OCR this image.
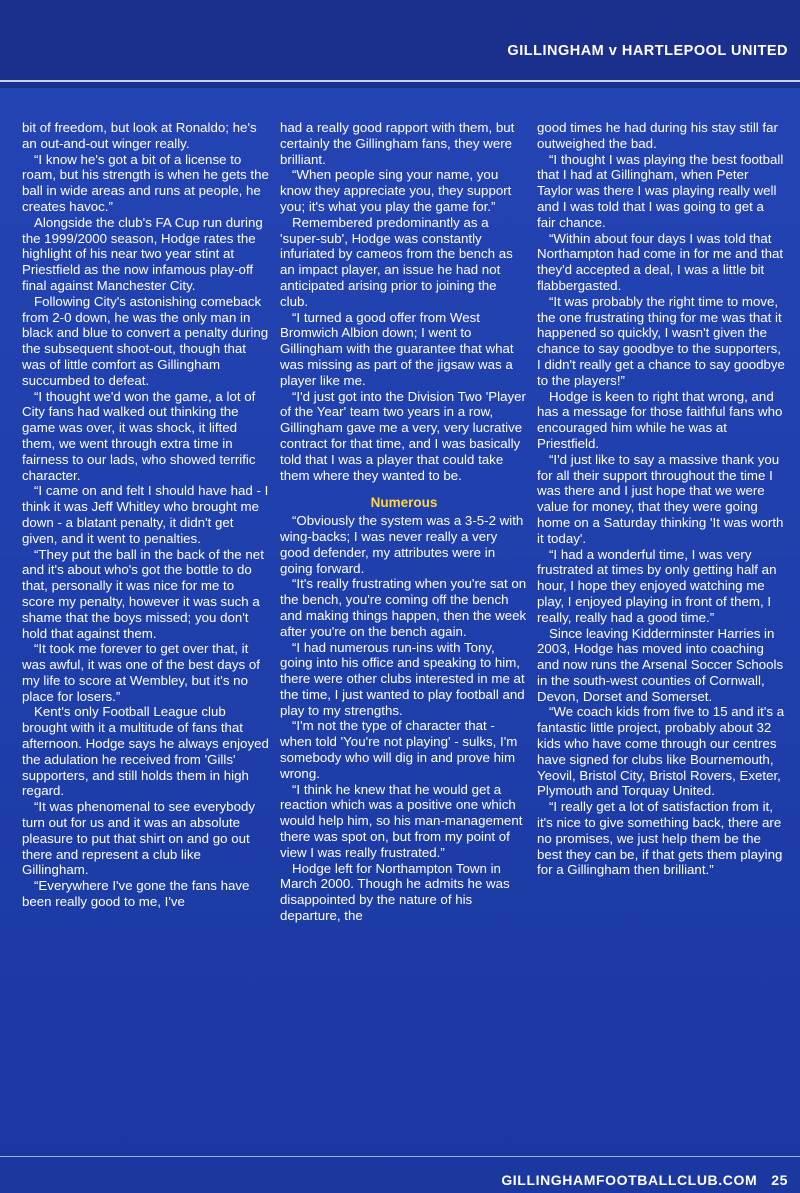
GILLINGHAM v HARTLEPOOL UNITED

bit of freedom, but look at Ronaldo; he's an out-and-out winger really.

“I know he's got a bit of a license to roam, but his strength is when he gets the ball in wide areas and runs at people, he creates havoc.”

Alongside the club's FA Cup run during the 1999/2000 season, Hodge rates the highlight of his near two year stint at Priestfield as the now infamous play-off final against Manchester City.

Following City's astonishing comeback from 2-0 down, he was the only man in black and blue to convert a penalty during the subsequent shoot-out, though that was of little comfort as Gillingham succumbed to defeat.

“I thought we'd won the game, a lot of City fans had walked out thinking the game was over, it was shock, it lifted them, we went through extra time in fairness to our lads, who showed terrific character.

“I came on and felt I should have had - I think it was Jeff Whitley who brought me down - a blatant penalty, it didn't get given, and it went to penalties.

“They put the ball in the back of the net and it's about who's got the bottle to do that, personally it was nice for me to score my penalty, however it was such a shame that the boys missed; you don't hold that against them.

“It took me forever to get over that, it was awful, it was one of the best days of my life to score at Wembley, but it's no place for losers.”

Kent's only Football League club brought with it a multitude of fans that afternoon. Hodge says he always enjoyed the adulation he received from 'Gills' supporters, and still holds them in high regard.

“It was phenomenal to see everybody turn out for us and it was an absolute pleasure to put that shirt on and go out there and represent a club like Gillingham.

“Everywhere I've gone the fans have been really good to me, I've

had a really good rapport with them, but certainly the Gillingham fans, they were brilliant.

“When people sing your name, you know they appreciate you, they support you; it's what you play the game for.”

Remembered predominantly as a 'super-sub', Hodge was constantly infuriated by cameos from the bench as an impact player, an issue he had not anticipated arising prior to joining the club.

“I turned a good offer from West Bromwich Albion down; I went to Gillingham with the guarantee that what was missing as part of the jigsaw was a player like me.

“I'd just got into the Division Two 'Player of the Year' team two years in a row, Gillingham gave me a very, very lucrative contract for that time, and I was basically told that I was a player that could take them where they wanted to be.

Numerous

“Obviously the system was a 3-5-2 with wing-backs; I was never really a very good defender, my attributes were in going forward.

“It's really frustrating when you're sat on the bench, you're coming off the bench and making things happen, then the week after you're on the bench again.

“I had numerous run-ins with Tony, going into his office and speaking to him, there were other clubs interested in me at the time, I just wanted to play football and play to my strengths.

“I'm not the type of character that - when told 'You're not playing' - sulks, I'm somebody who will dig in and prove him wrong.

“I think he knew that he would get a reaction which was a positive one which would help him, so his man-management there was spot on, but from my point of view I was really frustrated.”

Hodge left for Northampton Town in March 2000. Though he admits he was disappointed by the nature of his departure, the

good times he had during his stay still far outweighed the bad.

“I thought I was playing the best football that I had at Gillingham, when Peter Taylor was there I was playing really well and I was told that I was going to get a fair chance.

“Within about four days I was told that Northampton had come in for me and that they'd accepted a deal, I was a little bit flabbergasted.

“It was probably the right time to move, the one frustrating thing for me was that it happened so quickly, I wasn't given the chance to say goodbye to the supporters, I didn't really get a chance to say goodbye to the players!”

Hodge is keen to right that wrong, and has a message for those faithful fans who encouraged him while he was at Priestfield.

“I'd just like to say a massive thank you for all their support throughout the time I was there and I just hope that we were value for money, that they were going home on a Saturday thinking 'It was worth it today'.

“I had a wonderful time, I was very frustrated at times by only getting half an hour, I hope they enjoyed watching me play, I enjoyed playing in front of them, I really, really had a good time.”

Since leaving Kidderminster Harries in 2003, Hodge has moved into coaching and now runs the Arsenal Soccer Schools in the south-west counties of Cornwall, Devon, Dorset and Somerset.

“We coach kids from five to 15 and it's a fantastic little project, probably about 32 kids who have come through our centres have signed for clubs like Bournemouth, Yeovil, Bristol City, Bristol Rovers, Exeter, Plymouth and Torquay United.

“I really get a lot of satisfaction from it, it's nice to give something back, there are no promises, we just help them be the best they can be, if that gets them playing for a Gillingham then brilliant.”

GILLINGHAMFOOTBALLCLUB.COM 25
